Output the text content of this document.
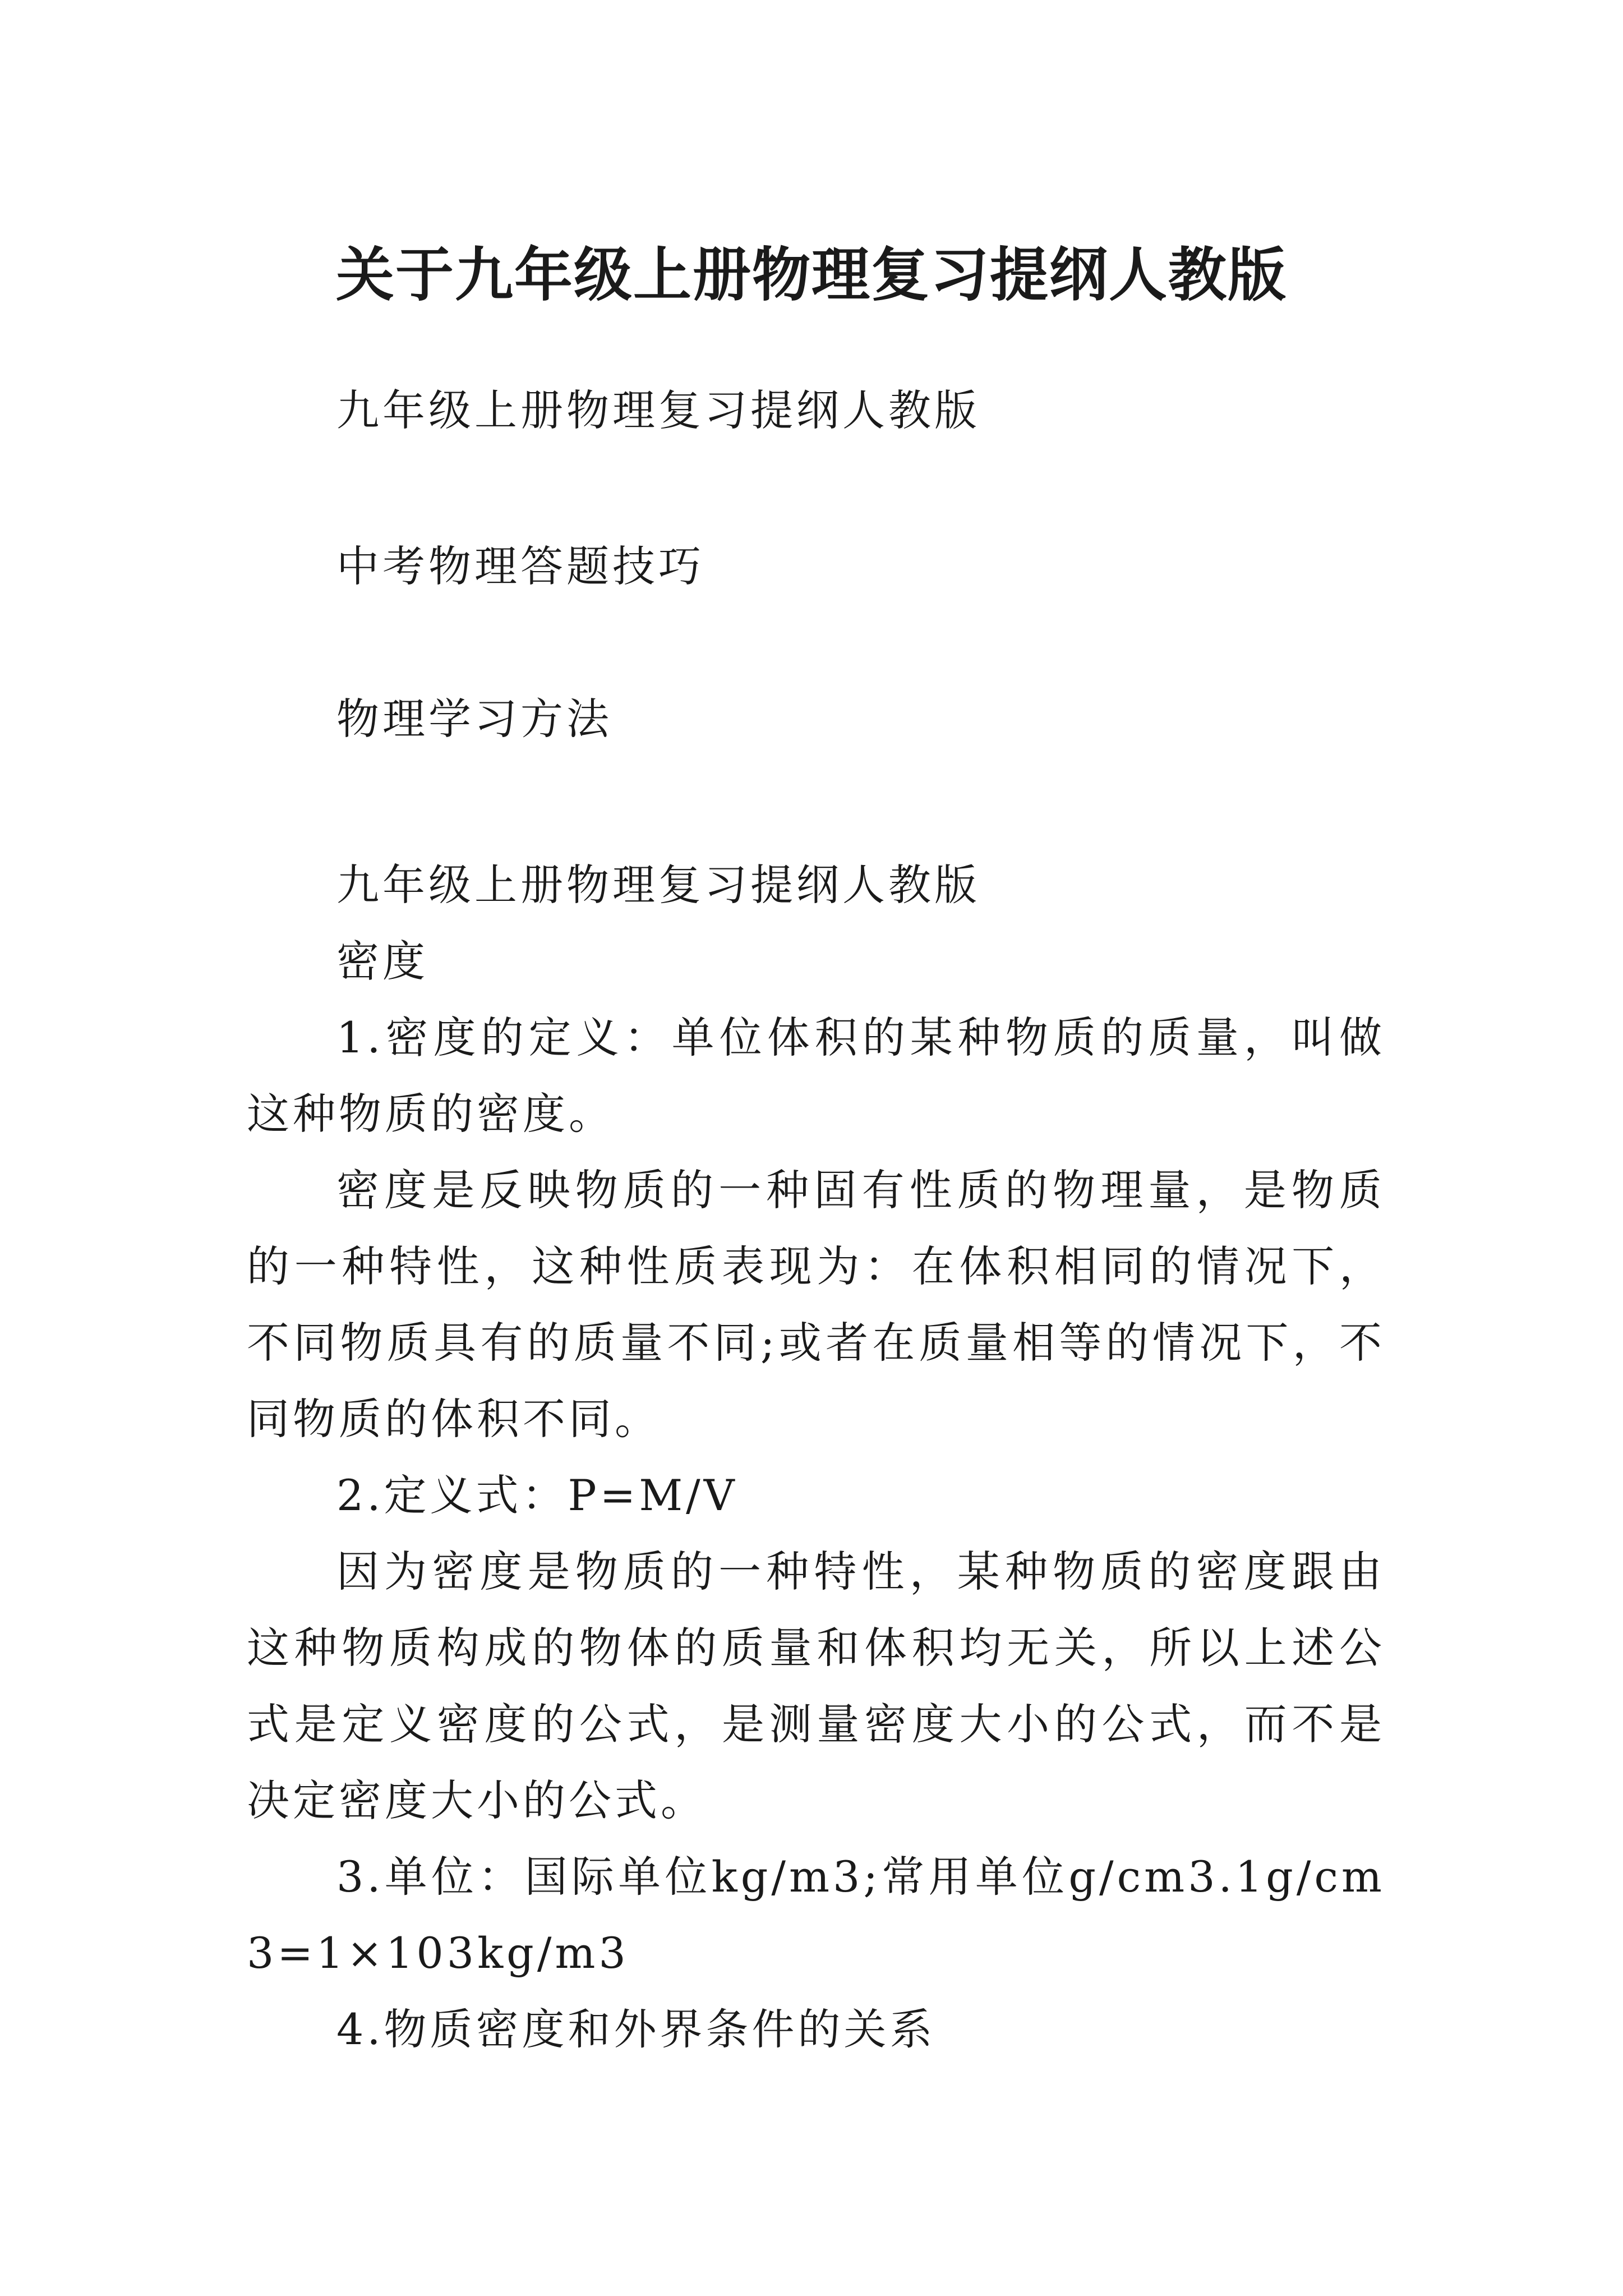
关于九年级上册物理复习提纲人教版
九年级上册物理复习提纲人教版
中考物理答题技巧
物理学习方法

九年级上册物理复习提纲人教版

密度

1.密度的定义：单位体积的某种物质的质量，叫做这种物质的密度。

密度是反映物质的一种固有性质的物理量，是物质的一种特性，这种性质表现为：在体积相同的情况下，不同物质具有的质量不同;或者在质量相等的情况下，不同物质的体积不同。

2.定义式：P=M/V

因为密度是物质的一种特性，某种物质的密度跟由这种物质构成的物体的质量和体积均无关，所以上述公式是定义密度的公式，是测量密度大小的公式，而不是决定密度大小的公式。

3.单位：国际单位kg/m3;常用单位g/cm3.1g/cm3=1×103kg/m3

4.物质密度和外界条件的关系
